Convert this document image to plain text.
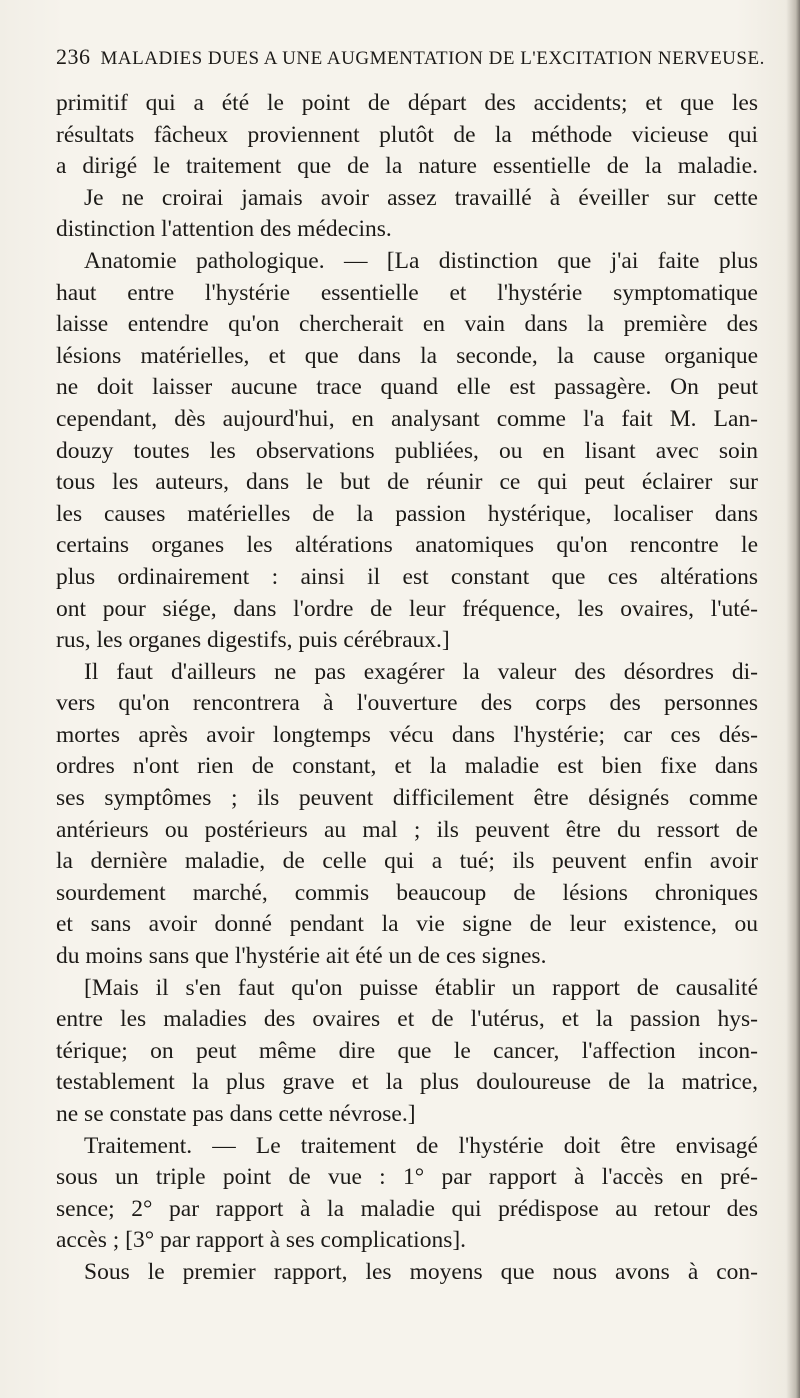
236 MALADIES DUES A UNE AUGMENTATION DE L'EXCITATION NERVEUSE.
primitif qui a été le point de départ des accidents; et que les
résultats fâcheux proviennent plutôt de la méthode vicieuse qui
a dirigé le traitement que de la nature essentielle de la maladie.
Je ne croirai jamais avoir assez travaillé à éveiller sur cette
distinction l'attention des médecins.
Anatomie pathologique. — [La distinction que j'ai faite plus
haut entre l'hystérie essentielle et l'hystérie symptomatique
laisse entendre qu'on chercherait en vain dans la première des
lésions matérielles, et que dans la seconde, la cause organique
ne doit laisser aucune trace quand elle est passagère. On peut
cependant, dès aujourd'hui, en analysant comme l'a fait M. Lan-
douzy toutes les observations publiées, ou en lisant avec soin
tous les auteurs, dans le but de réunir ce qui peut éclairer sur
les causes matérielles de la passion hystérique, localiser dans
certains organes les altérations anatomiques qu'on rencontre le
plus ordinairement : ainsi il est constant que ces altérations
ont pour siége, dans l'ordre de leur fréquence, les ovaires, l'uté-
rus, les organes digestifs, puis cérébraux.]
Il faut d'ailleurs ne pas exagérer la valeur des désordres di-
vers qu'on rencontrera à l'ouverture des corps des personnes
mortes après avoir longtemps vécu dans l'hystérie; car ces dés-
ordres n'ont rien de constant, et la maladie est bien fixe dans
ses symptômes ; ils peuvent difficilement être désignés comme
antérieurs ou postérieurs au mal ; ils peuvent être du ressort de
la dernière maladie, de celle qui a tué; ils peuvent enfin avoir
sourdement marché, commis beaucoup de lésions chroniques
et sans avoir donné pendant la vie signe de leur existence, ou
du moins sans que l'hystérie ait été un de ces signes.
[Mais il s'en faut qu'on puisse établir un rapport de causalité
entre les maladies des ovaires et de l'utérus, et la passion hys-
térique; on peut même dire que le cancer, l'affection incon-
testablement la plus grave et la plus douloureuse de la matrice,
ne se constate pas dans cette névrose.]
Traitement. — Le traitement de l'hystérie doit être envisagé
sous un triple point de vue : 1° par rapport à l'accès en pré-
sence; 2° par rapport à la maladie qui prédispose au retour des
accès ; [3° par rapport à ses complications].
Sous le premier rapport, les moyens que nous avons à con-
